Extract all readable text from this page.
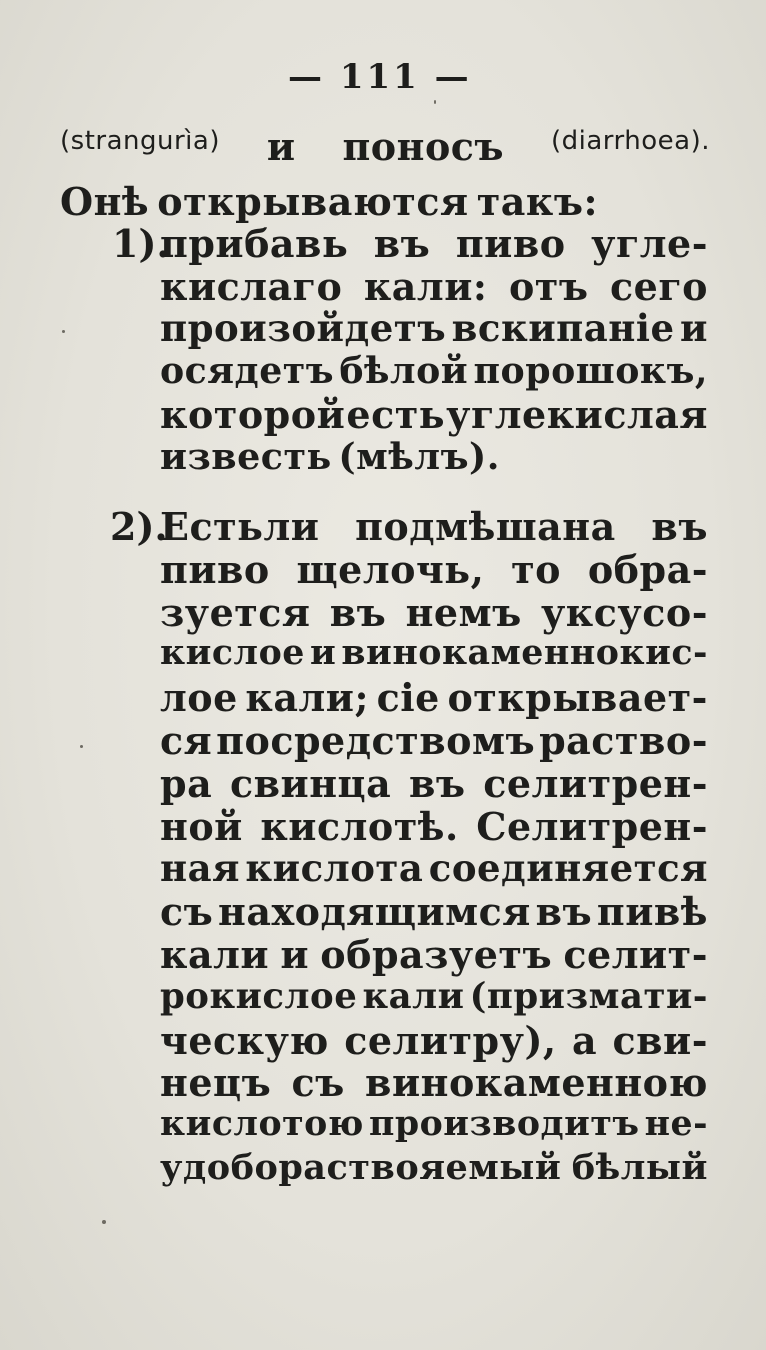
— 111 —
(strangurìa) и поносъ (diarrhoea).
Онѣ открываются такъ:
прибавь въ пиво угле-
кислаго кали: отъ сего
произойдетъ вскипаніе и
осядетъ бѣлой порошокъ,
которой есть углекислая
известь (мѣлъ).
Естьли подмѣшана въ
пиво щелочь, то обра-
зуется въ немъ уксусо-
кислое и винокаменнокис-
лое кали; сіе открывает-
ся посредствомъ раство-
ра свинца въ селитрен-
ной кислотѣ. Селитрен-
ная кислота соединяется
съ находящимся въ пивѣ
кали и образуетъ селит-
рокислое кали (призмати-
ческую селитру), а сви-
нецъ съ винокаменною
кислотою производитъ не-
удобораствояемый бѣлый
1).
2).
